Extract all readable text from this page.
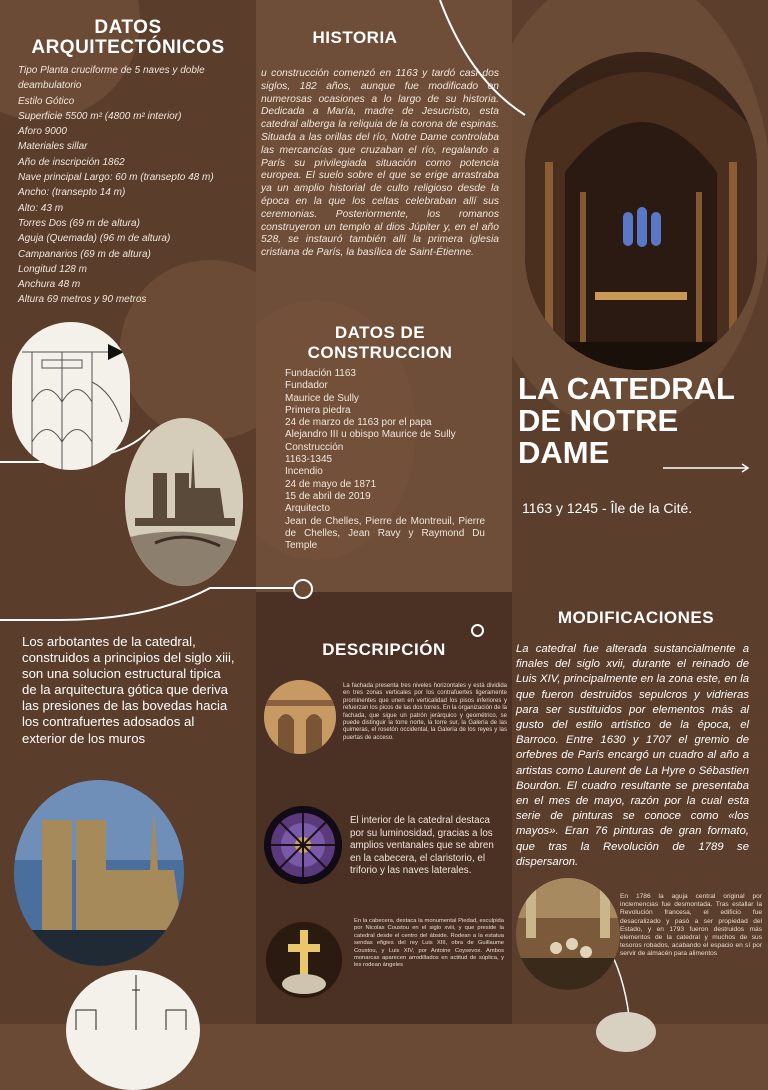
DATOS ARQUITECTÓNICOS
Tipo Planta cruciforme de 5 naves y doble
deambulatorio
Estilo Gótico
Superficie 5500 m² (4800 m² interior)
Aforo 9000
Materiales sillar
Año de inscripción 1862
Nave principal Largo: 60 m (transepto 48 m)
Ancho: (transepto 14 m)
Alto: 43 m
Torres Dos (69 m de altura)
Aguja (Quemada) (96 m de altura)
Campanarios (69 m de altura)
Longitud 128 m
Anchura 48 m
Altura 69 metros y 90 metros
HISTORIA
u construcción comenzó en 1163 y tardó casi dos siglos, 182 años, aunque fue modificado en numerosas ocasiones a lo largo de su historia. Dedicada a María, madre de Jesucristo, esta catedral alberga la reliquia de la corona de espinas. Situada a las orillas del río, Notre Dame controlaba las mercancías que cruzaban el río, regalando a París su privilegiada situación como potencia europea. El suelo sobre el que se erige arrastraba ya un amplio historial de culto religioso desde la época en la que los celtas celebraban allí sus ceremonias. Posteriormente, los romanos construyeron un templo al dios Júpiter y, en el año 528, se instauró también allí la primera iglesia cristiana de París, la basílica de Saint-Étienne.
DATOS DE CONSTRUCCION
Fundación 1163
Fundador
Maurice de Sully
Primera piedra
24 de marzo de 1163 por el papa
Alejandro III u obispo Maurice de Sully
Construcción
1163-1345
Incendio
24 de mayo de 1871
15 de abril de 2019
Arquitecto
Jean de Chelles, Pierre de Montreuil, Pierre de Chelles, Jean Ravy y Raymond Du Temple
LA CATEDRAL DE NOTRE DAME
1163 y 1245 - Île de la Cité.
Los arbotantes de la catedral, construidos a principios del siglo xiii, son una solucion estructural tipica de la arquitectura gótica que deriva las presiones de las bovedas hacia los contrafuertes adosados al exterior de los muros
DESCRIPCIÓN
La fachada presenta tres niveles horizontales y está dividida en tres zonas verticales por los contrafuertes ligeramente prominentes que unen en verticalidad los pisos inferiores y refuerzan los picos de las dos torres. En la organización de la fachada, que sigue un patrón jerárquico y geométrico, se puede distinguir la torre norte, la torre sur, la Galería de las quimeras, el rosetón occidental, la Galería de los reyes y las puertas de acceso.
El interior de la catedral destaca por su luminosidad, gracias a los amplios ventanales que se abren en la cabecera, el claristorio, el triforio y las naves laterales.
En la cabecera, destaca la monumental Piedad, esculpida por Nicolas Coustou en el siglo xviii, y que preside la catedral desde el centro del ábside. Rodean a la estatua sendas efigies del rey Luis XIII, obra de Guillaume Coustou, y Luis XIV, por Antoine Coysevox. Ambos monarcas aparecen arrodillados en actitud de súplica, y les rodean ángeles
MODIFICACIONES
La catedral fue alterada sustancialmente a finales del siglo xvii, durante el reinado de Luis XIV, principalmente en la zona este, en la que fueron destruidos sepulcros y vidrieras para ser sustituidos por elementos más al gusto del estilo artístico de la época, el Barroco. Entre 1630 y 1707 el gremio de orfebres de París encargó un cuadro al año a artistas como Laurent de La Hyre o Sébastien Bourdon. El cuadro resultante se presentaba en el mes de mayo, razón por la cual esta serie de pinturas se conoce como «los mayos». Eran 76 pinturas de gran formato, que tras la Revolución de 1789 se dispersaron.
En 1786 la aguja central original por inclemencias fue desmontada. Tras estallar la Revolución francesa, el edificio fue desacralizado y pasó a ser propiedad del Estado, y en 1793 fueron destruidos más elementos de la catedral y muchos de sus tesoros robados, acabando el espacio en sí por servir de almacén para alimentos
